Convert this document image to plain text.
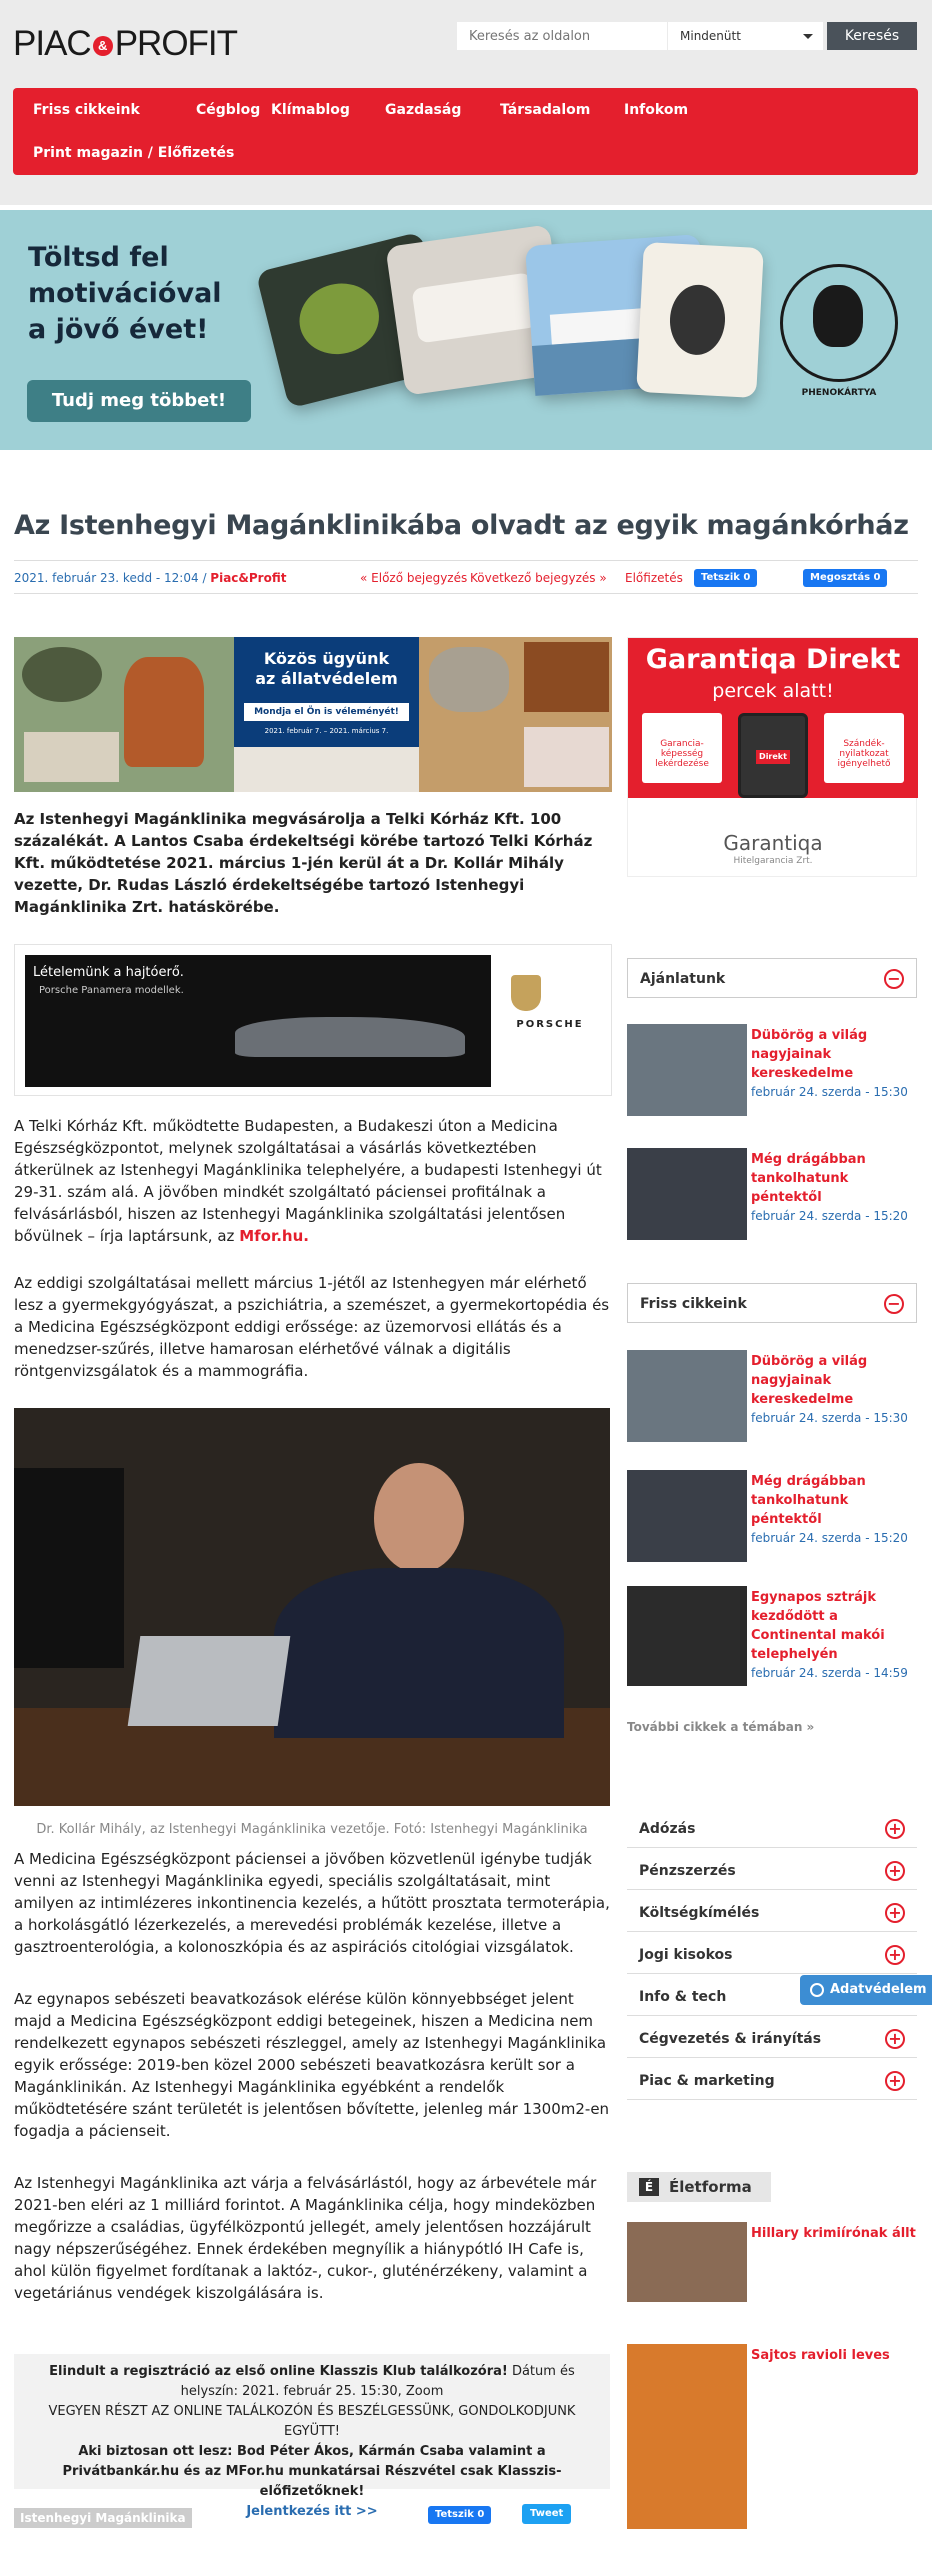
PIAC & PROFIT
Keresés az oldalon	Mindenütt	Keresés
Friss cikkeink	Cégblog Klímablog	Gazdaság	Társadalom Infokom
Print magazin / Előfizetés
Töltsd fel
motivációval
a jövő évet!
Tudj meg többet!	PHENOKÁRTYA
Az Istenhegyi Magánklinikába olvadt az egyik magánkórház
2021. február 23. kedd - 12:04 / Piac&Profit	« Előző bejegyzés Következő bejegyzés » Előfizetés	Tetszik 0	Megosztás 0
Közös ügyünk
az állatvédelem
Mondja el Ön is véleményét!
2021. február 7. – 2021. március 7.

Az Istenhegyi Magánklinika megvásárolja a Telki Kórház Kft. 100 százalékát. A Lantos Csaba érdekeltségi körébe tartozó Telki Kórház Kft. működtetése 2021. március 1-jén kerül át a Dr. Kollár Mihály vezette, Dr. Rudas László érdekeltségébe tartozó Istenhegyi Magánklinika Zrt. hatáskörébe.

Lételemünk a hajtóerő.
Porsche Panamera modellek.
PORSCHE

A Telki Kórház Kft. működtette Budapesten, a Budakeszi úton a Medicina Egészségközpontot, melynek szolgáltatásai a vásárlás következtében átkerülnek az Istenhegyi Magánklinika telephelyére, a budapesti Istenhegyi út 29-31. szám alá. A jövőben mindkét szolgáltató páciensei profitálnak a felvásárlásból, hiszen az Istenhegyi Magánklinika szolgáltatási jelentősen bővülnek – írja laptársunk, az Mfor.hu.

Az eddigi szolgáltatásai mellett március 1-jétől az Istenhegyen már elérhető lesz a gyermekgyógyászat, a pszichiátria, a szemészet, a gyermekortopédia és a Medicina Egészségközpont eddigi erőssége: az üzemorvosi ellátás és a menedzser-szűrés, illetve hamarosan elérhetővé válnak a digitális röntgenvizsgálatok és a mammográfia.

Dr. Kollár Mihály, az Istenhegyi Magánklinika vezetője. Fotó: Istenhegyi Magánklinika

A Medicina Egészségközpont páciensei a jövőben közvetlenül igénybe tudják venni az Istenhegyi Magánklinika egyedi, speciális szolgáltatásait, mint amilyen az intimlézeres inkontinencia kezelés, a hűtött prosztata termoterápia, a horkolásgátló lézerkezelés, a merevedési problémák kezelése, illetve a gasztroenterológia, a kolonoszkópia és az aspirációs citológiai vizsgálatok.

Az egynapos sebészeti beavatkozások elérése külön könnyebbséget jelent majd a Medicina Egészségközpont eddigi betegeinek, hiszen a Medicina nem rendelkezett egynapos sebészeti részleggel, amely az Istenhegyi Magánklinika egyik erőssége: 2019-ben közel 2000 sebészeti beavatkozásra került sor a Magánklinikán. Az Istenhegyi Magánklinika egyébként a rendelők működtetésére szánt területét is jelentősen bővítette, jelenleg már 1300m2-en fogadja a pácienseit.

Az Istenhegyi Magánklinika azt várja a felvásárlástól, hogy az árbevétele már 2021-ben eléri az 1 milliárd forintot. A Magánklinika célja, hogy mindeközben megőrizze a családias, ügyfélközpontú jellegét, amely jelentősen hozzájárult nagy népszerűségéhez. Ennek érdekében megnyílik a hiánypótló IH Cafe is, ahol külön figyelmet fordítanak a laktóz-, cukor-, gluténérzékeny, valamint a vegetáriánus vendégek kiszolgálására is.

Elindult a regisztráció az első online Klasszis Klub találkozóra! Dátum és helyszín: 2021. február 25. 15:30, Zoom
VEGYEN RÉSZT AZ ONLINE TALÁLKOZÓN ÉS BESZÉLGESSÜNK, GONDOLKODJUNK EGYÜTT!
Aki biztosan ott lesz: Bod Péter Ákos, Kármán Csaba valamint a Privátbankár.hu és az MFor.hu munkatársai Részvétel csak Klasszis-előfizetőknek!
Jelentkezés itt >>
Istenhegyi Magánklinika	Tetszik 0	Tweet
Garantiqa Direkt
percek alatt!
Garancia-képesség lekérdezése
Szándék-nyilatkozat igényelhető
Direkt
Garantiqa
Hitelgarancia Zrt.
Ajánlatunk	−
Dübörög a világ nagyjainak kereskedelme
február 24. szerda - 15:30
Még drágábban tankolhatunk péntektől
február 24. szerda - 15:20
Friss cikkeink	−
Dübörög a világ nagyjainak kereskedelme
február 24. szerda - 15:30
Még drágábban tankolhatunk péntektől
február 24. szerda - 15:20
Egynapos sztrájk kezdődött a Continental makói telephelyén
február 24. szerda - 14:59
További cikkek a témában »
Adózás	+
Pénzszerzés	+
Költségkímélés	+
Jogi kisokos	+
Info & tech
Cégvezetés & irányítás	+
Piac & marketing	+
Adatvédelem
É	Életforma
Hillary krimiírónak állt
Sajtos ravioli leves
